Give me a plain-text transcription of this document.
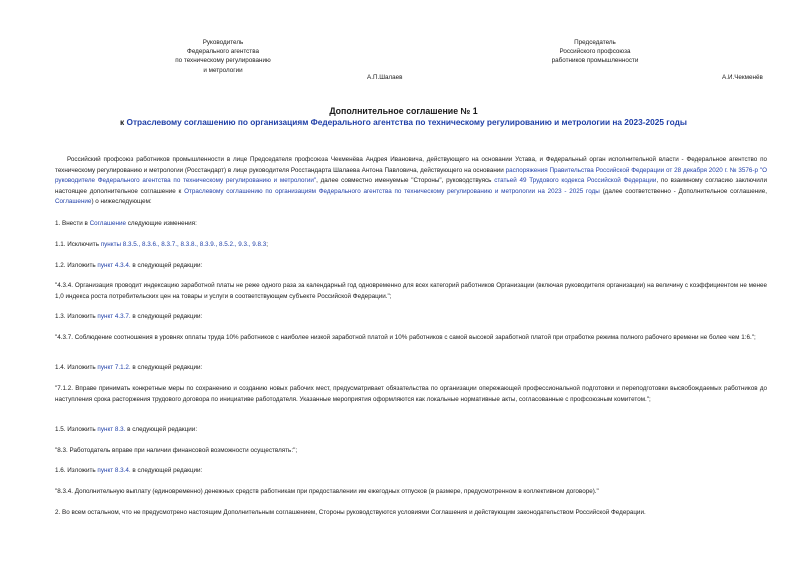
Руководитель
Федерального агентства
по техническому регулированию
и метрологии
А.П.Шалаев
Председатель
Российского профсоюза
работников промышленности
А.И.Чекменёв
Дополнительное соглашение № 1
к Отраслевому соглашению по организациям Федерального агентства по техническому регулированию и метрологии на 2023-2025 годы
Российский профсоюз работников промышленности в лице Председателя профсоюза Чекменёва Андрея Ивановича, действующего на основании Устава, и Федеральный орган исполнительной власти - Федеральное агентство по техническому регулированию и метрологии (Росстандарт) в лице руководителя Росстандарта Шалаева Антона Павловича, действующего на основании распоряжения Правительства Российской Федерации от 28 декабря 2020 г. № 3576-р "О руководителе Федерального агентства по техническому регулированию и метрологии", далее совместно именуемые "Стороны", руководствуясь статьей 49 Трудового кодекса Российской Федерации, по взаимному согласию заключили настоящее дополнительное соглашение к Отраслевому соглашению по организациям Федерального агентства по техническому регулированию и метрологии на 2023 - 2025 годы (далее соответственно - Дополнительное соглашение, Соглашение) о нижеследующем:
1. Внести в Соглашение следующие изменения:
1.1. Исключить пункты 8.3.5., 8.3.6., 8.3.7., 8.3.8., 8.3.9., 8.5.2., 9.3., 9.8.3;
1.2. Изложить пункт 4.3.4. в следующей редакции:
"4.3.4. Организация проводит индексацию заработной платы не реже одного раза за календарный год одновременно для всех категорий работников Организации (включая руководителя организации) на величину с коэффициентом не менее 1,0 индекса роста потребительских цен на товары и услуги в соответствующем субъекте Российской Федерации.";
1.3. Изложить пункт 4.3.7. в следующей редакции:
"4.3.7. Соблюдение соотношения в уровнях оплаты труда 10% работников с наиболее низкой заработной платой и 10% работников с самой высокой заработной платой при отработке режима полного рабочего времени не более чем 1:6.";
1.4. Изложить пункт 7.1.2. в следующей редакции:
"7.1.2. Вправе принимать конкретные меры по сохранению и созданию новых рабочих мест, предусматривает обязательства по организации опережающей профессиональной подготовки и переподготовки высвобождаемых работников до наступления срока расторжения трудового договора по инициативе работодателя. Указанные мероприятия оформляются как локальные нормативные акты, согласованные с профсоюзным комитетом.";
1.5. Изложить пункт 8.3. в следующей редакции:
"8.3. Работодатель вправе при наличии финансовой возможности осуществлять:";
1.6. Изложить пункт 8.3.4. в следующей редакции:
"8.3.4. Дополнительную выплату (единовременно) денежных средств работникам при предоставлении им ежегодных отпусков (в размере, предусмотренном в коллективном договоре)."
2. Во всем остальном, что не предусмотрено настоящим Дополнительным соглашением, Стороны руководствуются условиями Соглашения и действующим законодательством Российской Федерации.
